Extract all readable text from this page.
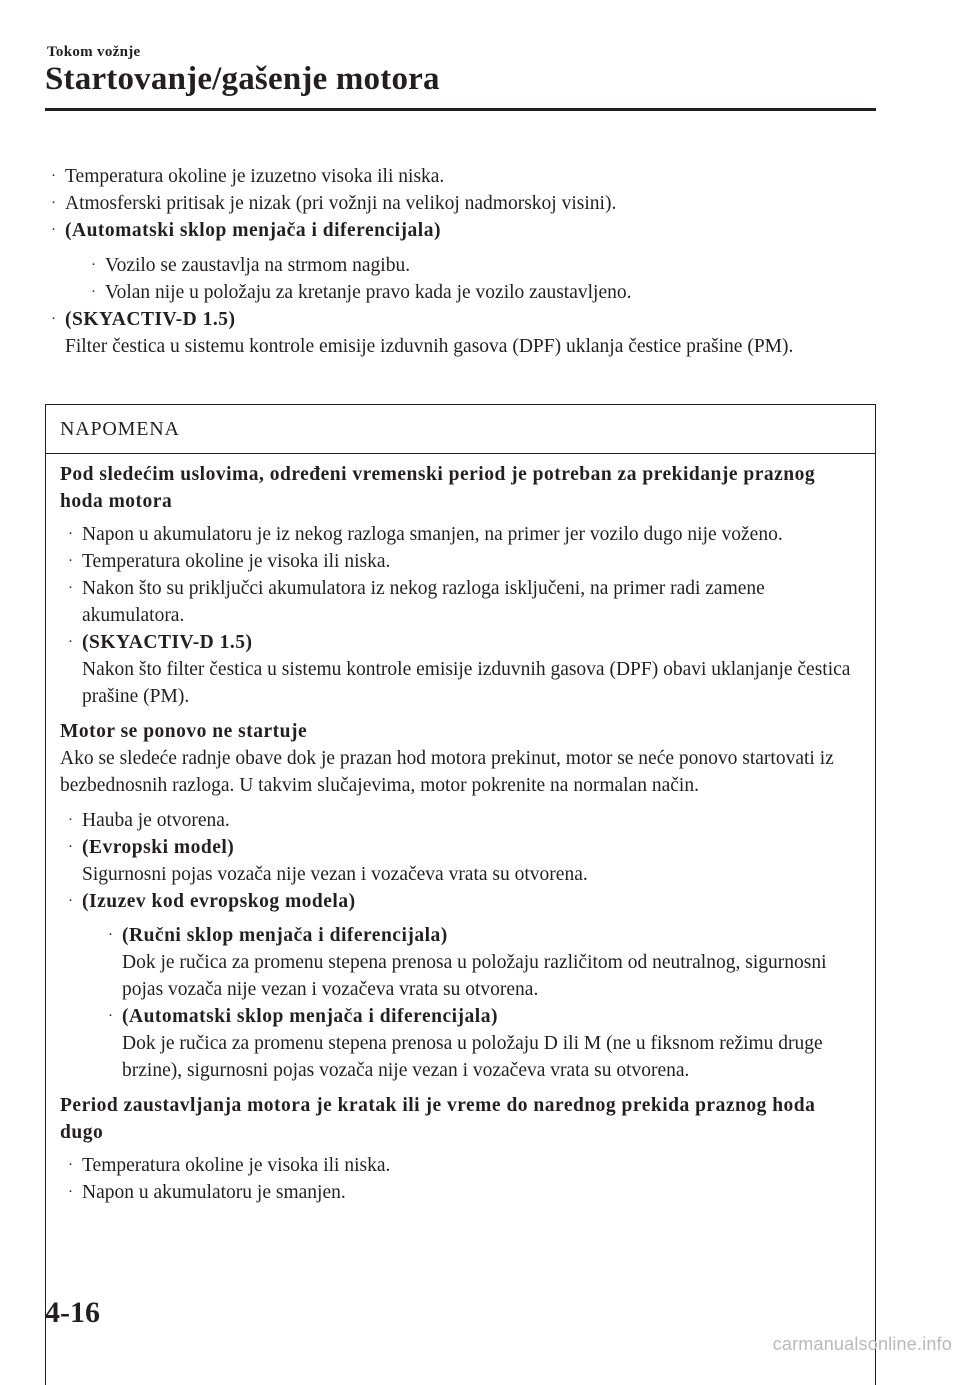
Tokom vožnje
Startovanje/gašenje motora
· Temperatura okoline je izuzetno visoka ili niska.
· Atmosferski pritisak je nizak (pri vožnji na velikoj nadmorskoj visini).
· (Automatski sklop menjača i diferencijala)
· Vozilo se zaustavlja na strmom nagibu.
· Volan nije u položaju za kretanje pravo kada je vozilo zaustavljeno.
· (SKYACTIV-D 1.5)
Filter čestica u sistemu kontrole emisije izduvnih gasova (DPF) uklanja čestice prašine (PM).
NAPOMENA
Pod sledećim uslovima, određeni vremenski period je potreban za prekidanje praznog hoda motora
· Napon u akumulatoru je iz nekog razloga smanjen, na primer jer vozilo dugo nije voženo.
· Temperatura okoline je visoka ili niska.
· Nakon što su priključci akumulatora iz nekog razloga isključeni, na primer radi zamene akumulatora.
· (SKYACTIV-D 1.5)
Nakon što filter čestica u sistemu kontrole emisije izduvnih gasova (DPF) obavi uklanjanje čestica prašine (PM).
Motor se ponovo ne startuje
Ako se sledeće radnje obave dok je prazan hod motora prekinut, motor se neće ponovo startovati iz bezbednosnih razloga. U takvim slučajevima, motor pokrenite na normalan način.
· Hauba je otvorena.
· (Evropski model)
Sigurnosni pojas vozača nije vezan i vozačeva vrata su otvorena.
· (Izuzev kod evropskog modela)
· (Ručni sklop menjača i diferencijala)
Dok je ručica za promenu stepena prenosa u položaju različitom od neutralnog, sigurnosni pojas vozača nije vezan i vozačeva vrata su otvorena.
· (Automatski sklop menjača i diferencijala)
Dok je ručica za promenu stepena prenosa u položaju D ili M (ne u fiksnom režimu druge brzine), sigurnosni pojas vozača nije vezan i vozačeva vrata su otvorena.
Period zaustavljanja motora je kratak ili je vreme do narednog prekida praznog hoda dugo
· Temperatura okoline je visoka ili niska.
· Napon u akumulatoru je smanjen.
4-16
carmanualsonline.info
